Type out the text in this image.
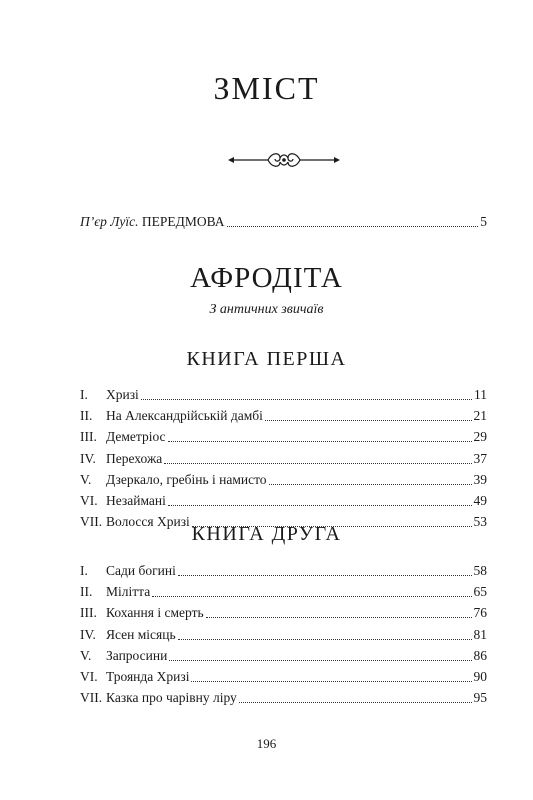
ЗМІСТ
П’єр Луїс. ПЕРЕДМОВА	5
АФРОДІТА
З античних звичаїв
КНИГА ПЕРША
I.	Хризі	11
II.	На Александрійській дамбі	21
III. Деметріос	29
IV. Перехожа	37
V.	Дзеркало, гребінь і намисто	39
VI. Незаймані	49
VII. Волосся Хризі	53
КНИГА ДРУГА
I.	Сади богині	58
II.	Мілітта	65
III. Кохання і смерть	76
IV. Ясен місяць	81
V.	Запросини	86
VI. Троянда Хризі	90
VII. Казка про чарівну ліру	95
196
